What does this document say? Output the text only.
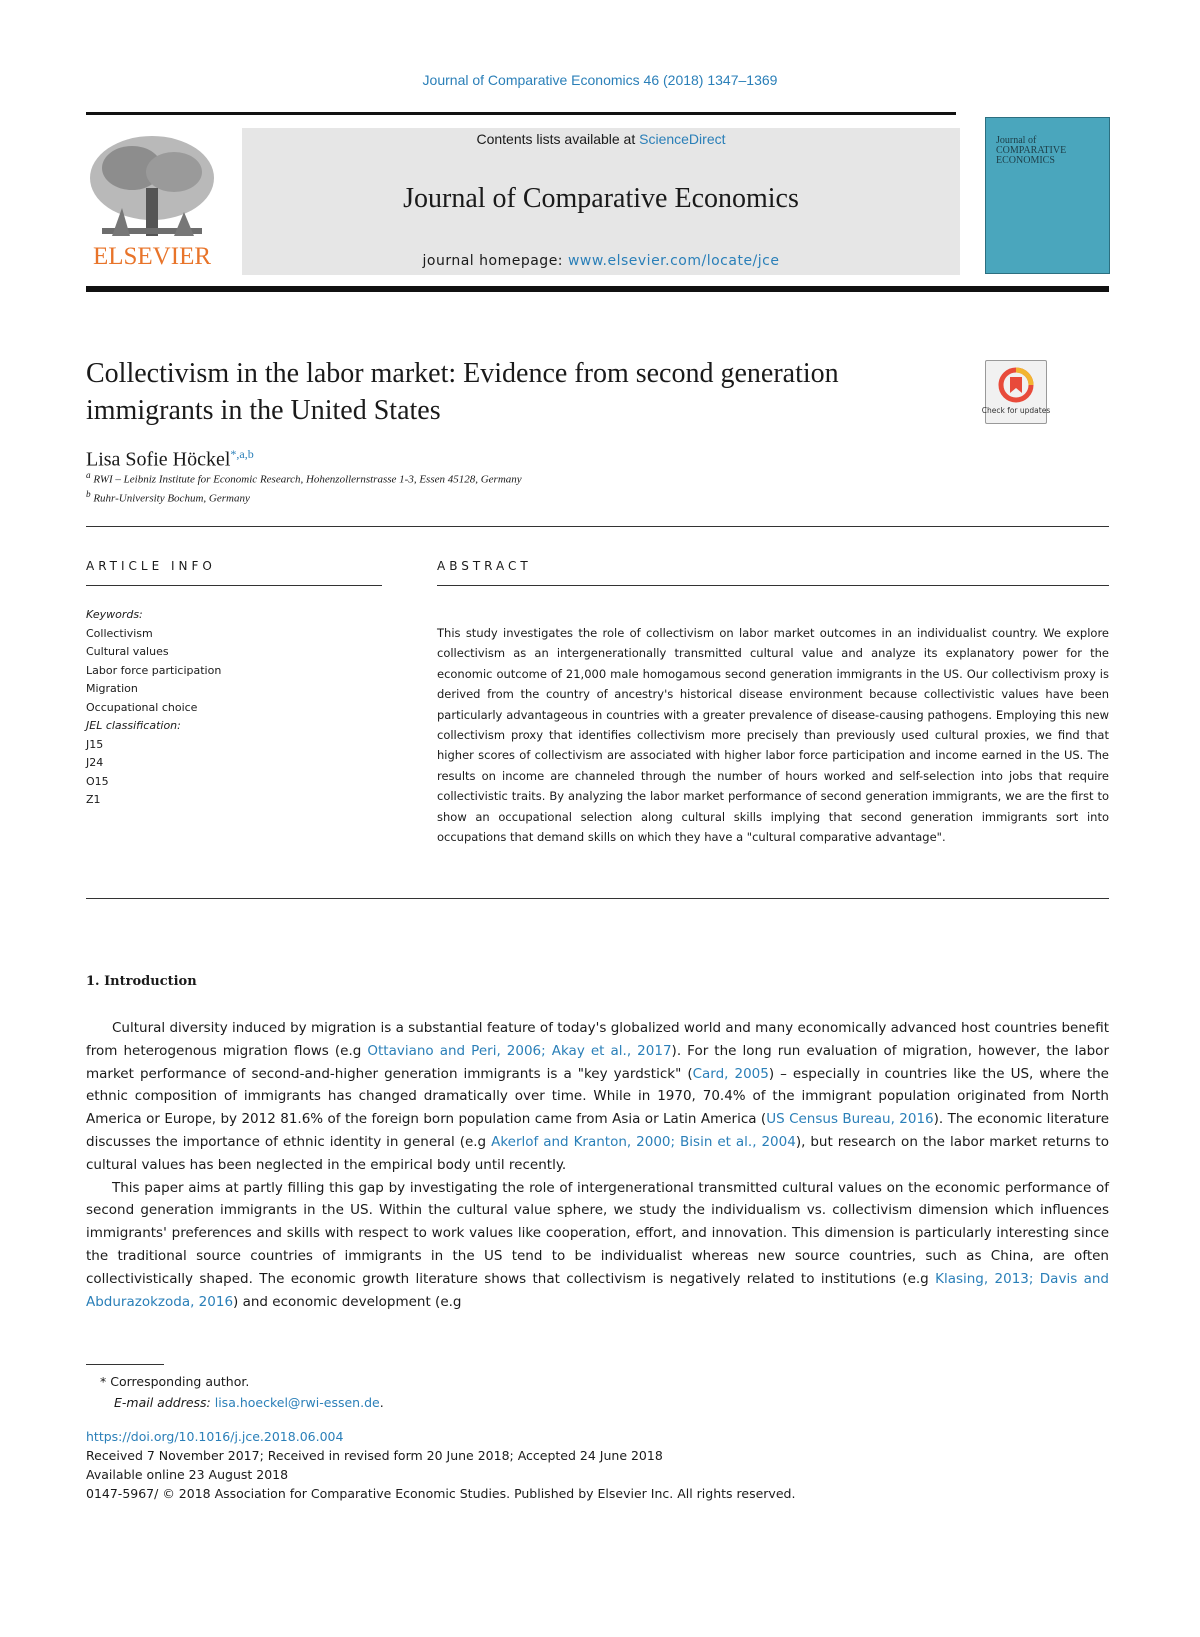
Journal of Comparative Economics 46 (2018) 1347–1369
ELSEVIER
Contents lists available at ScienceDirect
Journal of Comparative Economics
journal homepage: www.elsevier.com/locate/jce
Journal of COMPARATIVE ECONOMICS
Collectivism in the labor market: Evidence from second generation immigrants in the United States	Check for updates
Lisa Sofie Höckel$^{*,a,b}$
$^a$ RWI – Leibniz Institute for Economic Research, Hohenzollernstrasse 1-3, Essen 45128, Germany
$^b$ Ruhr-University Bochum, Germany
ARTICLE INFO
Keywords:
Collectivism
Cultural values
Labor force participation
Migration
Occupational choice
JEL classification:
J15
J24
O15
Z1
ABSTRACT
This study investigates the role of collectivism on labor market outcomes in an individualist country. We explore collectivism as an intergenerationally transmitted cultural value and analyze its explanatory power for the economic outcome of 21,000 male homogamous second generation immigrants in the US. Our collectivism proxy is derived from the country of ancestry's historical disease environment because collectivistic values have been particularly advantageous in countries with a greater prevalence of disease-causing pathogens. Employing this new collectivism proxy that identifies collectivism more precisely than previously used cultural proxies, we find that higher scores of collectivism are associated with higher labor force participation and income earned in the US. The results on income are channeled through the number of hours worked and self-selection into jobs that require collectivistic traits. By analyzing the labor market performance of second generation immigrants, we are the first to show an occupational selection along cultural skills implying that second generation immigrants sort into occupations that demand skills on which they have a "cultural comparative advantage".
1. Introduction

Cultural diversity induced by migration is a substantial feature of today's globalized world and many economically advanced host countries benefit from heterogenous migration flows (e.g Ottaviano and Peri, 2006; Akay et al., 2017). For the long run evaluation of migration, however, the labor market performance of second-and-higher generation immigrants is a "key yardstick" (Card, 2005) – especially in countries like the US, where the ethnic composition of immigrants has changed dramatically over time. While in 1970, 70.4% of the immigrant population originated from North America or Europe, by 2012 81.6% of the foreign born population came from Asia or Latin America (US Census Bureau, 2016). The economic literature discusses the importance of ethnic identity in general (e.g Akerlof and Kranton, 2000; Bisin et al., 2004), but research on the labor market returns to cultural values has been neglected in the empirical body until recently.

This paper aims at partly filling this gap by investigating the role of intergenerational transmitted cultural values on the economic performance of second generation immigrants in the US. Within the cultural value sphere, we study the individualism vs. collectivism dimension which influences immigrants' preferences and skills with respect to work values like cooperation, effort, and innovation. This dimension is particularly interesting since the traditional source countries of immigrants in the US tend to be individualist whereas new source countries, such as China, are often collectivistically shaped. The economic growth literature shows that collectivism is negatively related to institutions (e.g Klasing, 2013; Davis and Abdurazokzoda, 2016) and economic development (e.g

* Corresponding author.
E-mail address: lisa.hoeckel@rwi-essen.de.
https://doi.org/10.1016/j.jce.2018.06.004
Received 7 November 2017; Received in revised form 20 June 2018; Accepted 24 June 2018
Available online 23 August 2018
0147-5967/ © 2018 Association for Comparative Economic Studies. Published by Elsevier Inc. All rights reserved.
